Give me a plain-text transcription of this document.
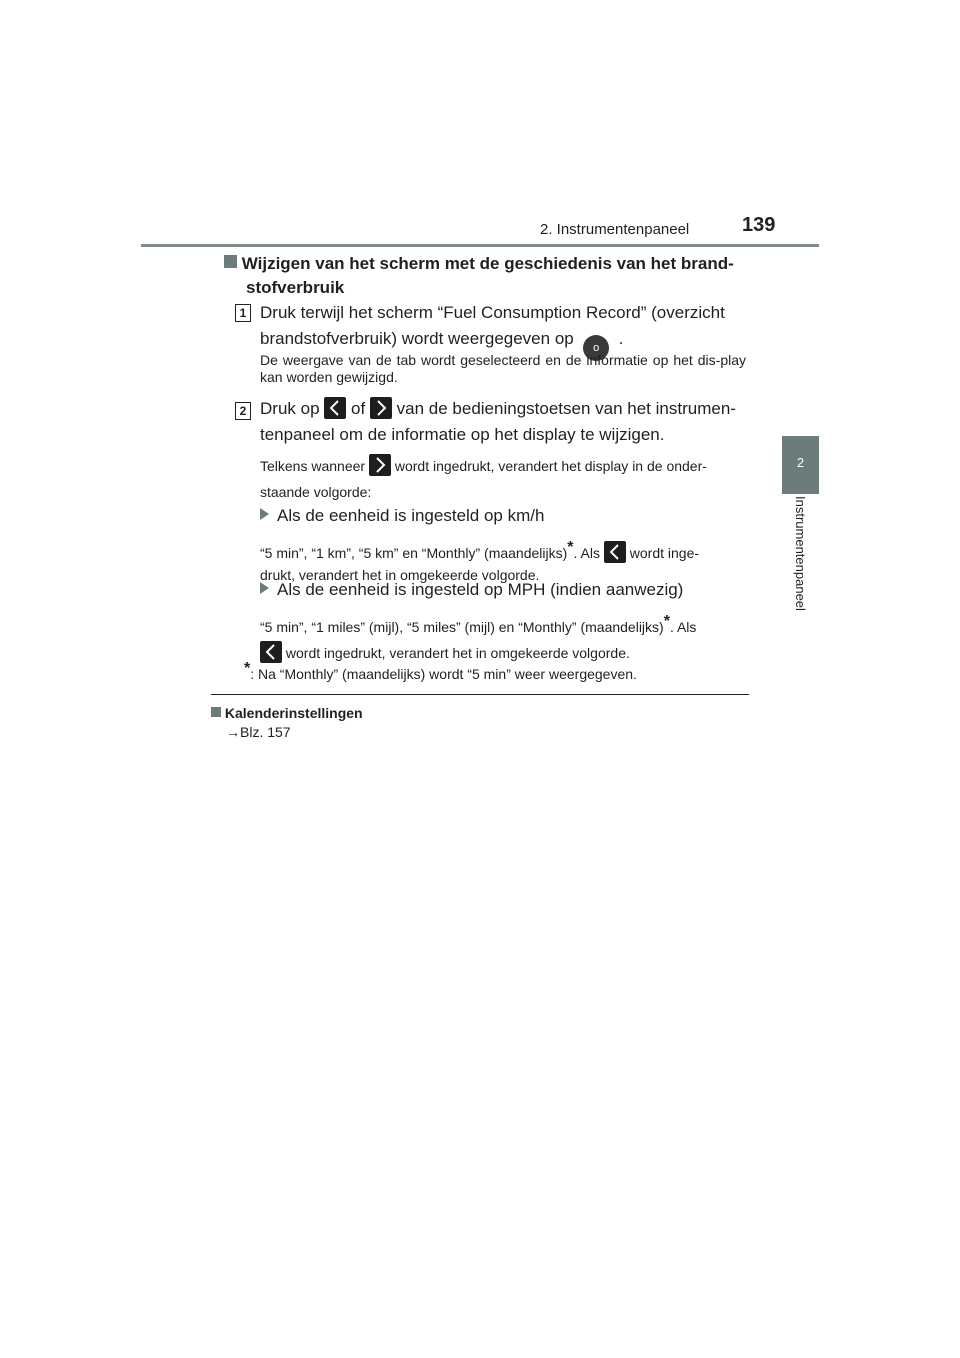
2. Instrumentenpaneel	139
2
Instrumentenpaneel
Wijzigen van het scherm met de geschiedenis van het brand-
stofverbruik
1 Druk terwijl het scherm “Fuel Consumption Record” (overzicht
brandstofverbruik) wordt weergegeven op o .
De weergave van de tab wordt geselecteerd en de informatie op het dis-play kan worden gewijzigd.
2 Druk op of van de bedieningstoetsen van het instrumen-
tenpaneel om de informatie op het display te wijzigen.
Telkens wanneer wordt ingedrukt, verandert het display in de onder-
staande volgorde:
Als de eenheid is ingesteld op km/h
“5 min”, “1 km”, “5 km” en “Monthly” (maandelijks)*. Als wordt inge-
drukt, verandert het in omgekeerde volgorde.
Als de eenheid is ingesteld op MPH (indien aanwezig)
“5 min”, “1 miles” (mijl), “5 miles” (mijl) en “Monthly” (maandelijks)*. Als
wordt ingedrukt, verandert het in omgekeerde volgorde.
*: Na “Monthly” (maandelijks) wordt “5 min” weer weergegeven.
Kalenderinstellingen
→Blz. 157
